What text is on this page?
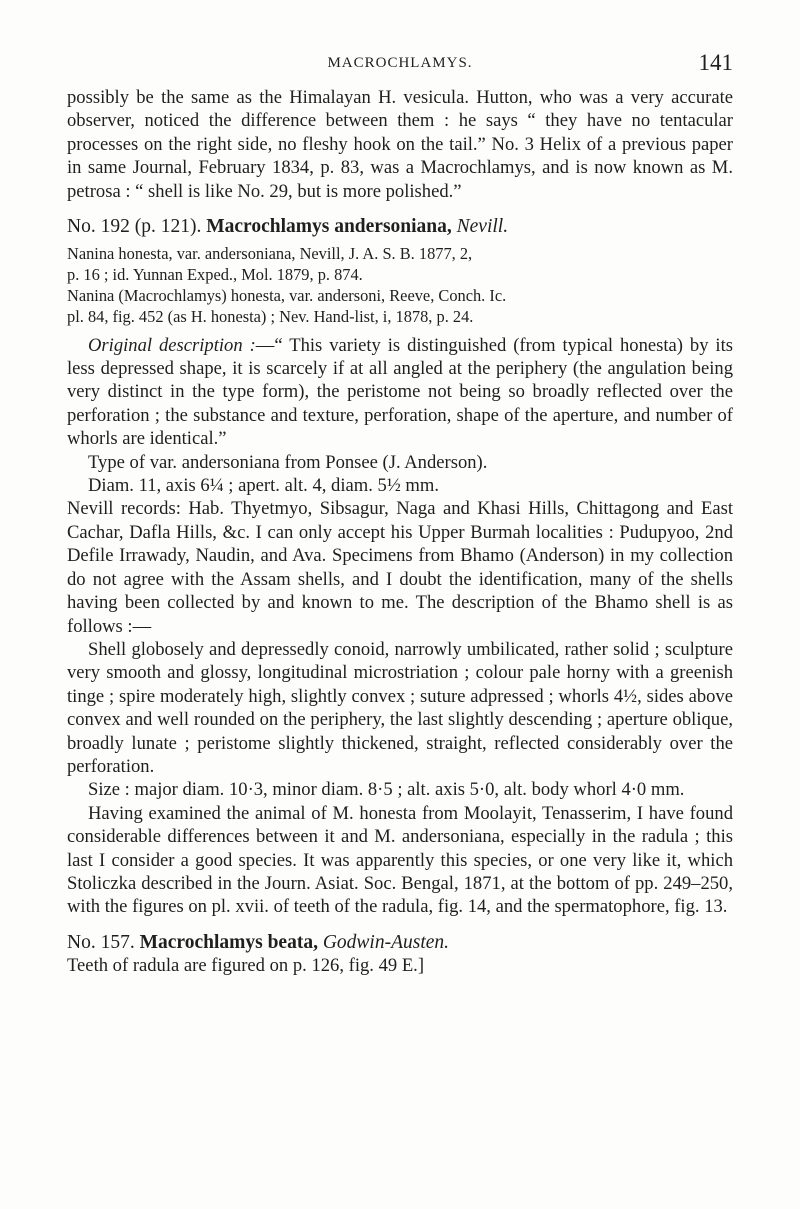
MACROCHLAMYS.	141

possibly be the same as the Himalayan H. vesicula. Hutton, who was a very accurate observer, noticed the difference between them : he says “ they have no tentacular processes on the right side, no fleshy hook on the tail.” No. 3 Helix of a previous paper in same Journal, February 1834, p. 83, was a Macrochlamys, and is now known as M. petrosa : “ shell is like No. 29, but is more polished.”

No. 192 (p. 121). Macrochlamys andersoniana, Nevill.

Nanina honesta, var. andersoniana, Nevill, J. A. S. B. 1877, 2,

p. 16 ; id. Yunnan Exped., Mol. 1879, p. 874.

Nanina (Macrochlamys) honesta, var. andersoni, Reeve, Conch. Ic.

pl. 84, fig. 452 (as H. honesta) ; Nev. Hand-list, i, 1878, p. 24.

Original description :—“ This variety is distinguished (from typical honesta) by its less depressed shape, it is scarcely if at all angled at the periphery (the angulation being very distinct in the type form), the peristome not being so broadly reflected over the perforation ; the substance and texture, perforation, shape of the aperture, and number of whorls are identical.”

Type of var. andersoniana from Ponsee (J. Anderson).

Diam. 11, axis 6¼ ; apert. alt. 4, diam. 5½ mm.

Nevill records: Hab. Thyetmyo, Sibsagur, Naga and Khasi Hills, Chittagong and East Cachar, Dafla Hills, &c. I can only accept his Upper Burmah localities : Pudupyoo, 2nd Defile Irrawady, Naudin, and Ava. Specimens from Bhamo (Anderson) in my collection do not agree with the Assam shells, and I doubt the identification, many of the shells having been collected by and known to me. The description of the Bhamo shell is as follows :—

Shell globosely and depressedly conoid, narrowly umbilicated, rather solid ; sculpture very smooth and glossy, longitudinal microstriation ; colour pale horny with a greenish tinge ; spire moderately high, slightly convex ; suture adpressed ; whorls 4½, sides above convex and well rounded on the periphery, the last slightly descending ; aperture oblique, broadly lunate ; peristome slightly thickened, straight, reflected considerably over the perforation.

Size : major diam. 10·3, minor diam. 8·5 ; alt. axis 5·0, alt. body whorl 4·0 mm.

Having examined the animal of M. honesta from Moolayit, Tenasserim, I have found considerable differences between it and M. andersoniana, especially in the radula ; this last I consider a good species. It was apparently this species, or one very like it, which Stoliczka described in the Journ. Asiat. Soc. Bengal, 1871, at the bottom of pp. 249–250, with the figures on pl. xvii. of teeth of the radula, fig. 14, and the spermatophore, fig. 13.

No. 157. Macrochlamys beata, Godwin-Austen.

Teeth of radula are figured on p. 126, fig. 49 E.]
